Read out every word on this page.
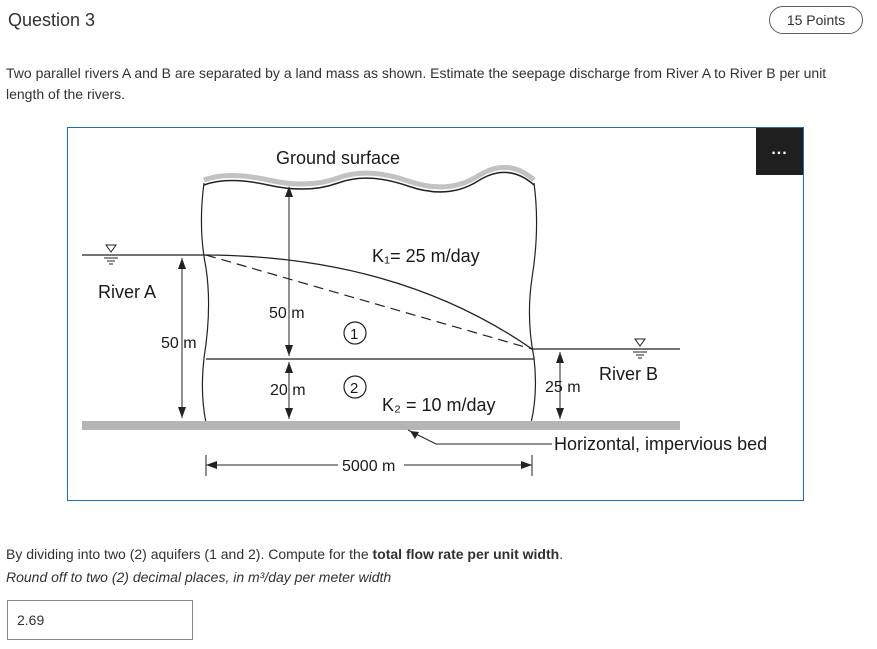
Question 3	15 Points
Two parallel rivers A and B are separated by a land mass as shown. Estimate the seepage discharge from River A to River B per unit length of the rivers.
Ground surface
K₁= 25 m/day
K₂ = 10 m/day
River A
River B
50 m
50 m
20 m	25 m
5000 m
1
2
Horizontal, impervious bed
...
By dividing into two (2) aquifers (1 and 2). Compute for the total flow rate per unit width.
Round off to two (2) decimal places, in m³/day per meter width
2.69
